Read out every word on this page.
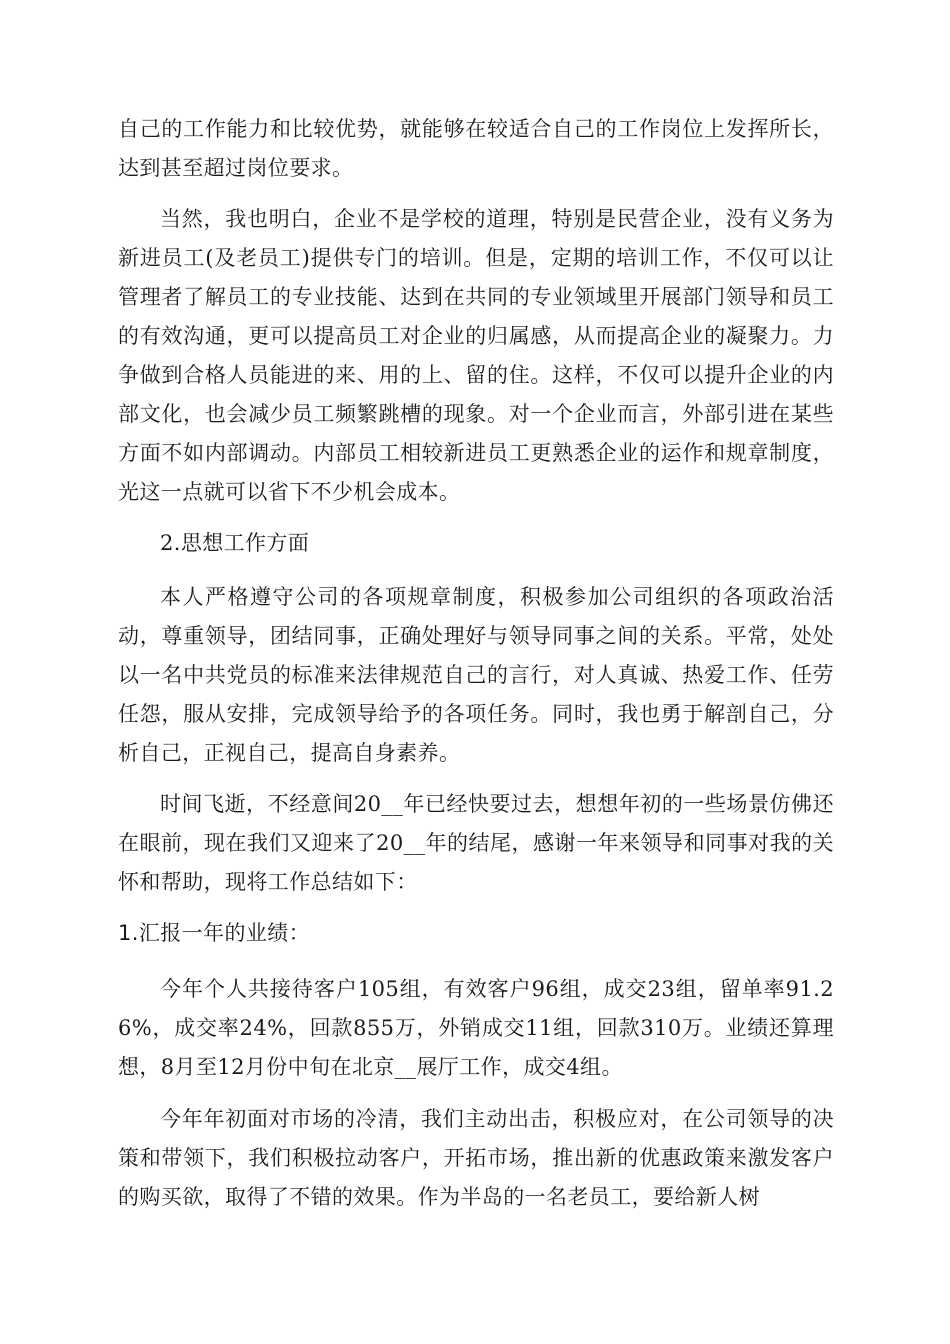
自己的工作能力和比较优势，就能够在较适合自己的工作岗位上发挥所长，达到甚至超过岗位要求。

当然，我也明白，企业不是学校的道理，特别是民营企业，没有义务为新进员工(及老员工)提供专门的培训。但是，定期的培训工作，不仅可以让管理者了解员工的专业技能、达到在共同的专业领域里开展部门领导和员工的有效沟通，更可以提高员工对企业的归属感，从而提高企业的凝聚力。力争做到合格人员能进的来、用的上、留的住。这样，不仅可以提升企业的内部文化，也会减少员工频繁跳槽的现象。对一个企业而言，外部引进在某些方面不如内部调动。内部员工相较新进员工更熟悉企业的运作和规章制度，光这一点就可以省下不少机会成本。

2.思想工作方面

本人严格遵守公司的各项规章制度，积极参加公司组织的各项政治活动，尊重领导，团结同事，正确处理好与领导同事之间的关系。平常，处处以一名中共党员的标准来法律规范自己的言行，对人真诚、热爱工作、任劳任怨，服从安排，完成领导给予的各项任务。同时，我也勇于解剖自己，分析自己，正视自己，提高自身素养。

时间飞逝，不经意间20__年已经快要过去，想想年初的一些场景仿佛还在眼前，现在我们又迎来了20__年的结尾，感谢一年来领导和同事对我的关怀和帮助，现将工作总结如下：

1.汇报一年的业绩：

今年个人共接待客户105组，有效客户96组，成交23组，留单率91.26%，成交率24%，回款855万，外销成交11组，回款310万。业绩还算理想，8月至12月份中旬在北京__展厅工作，成交4组。

今年年初面对市场的冷清，我们主动出击，积极应对，在公司领导的决策和带领下，我们积极拉动客户，开拓市场，推出新的优惠政策来激发客户的购买欲，取得了不错的效果。作为半岛的一名老员工，要给新人树
